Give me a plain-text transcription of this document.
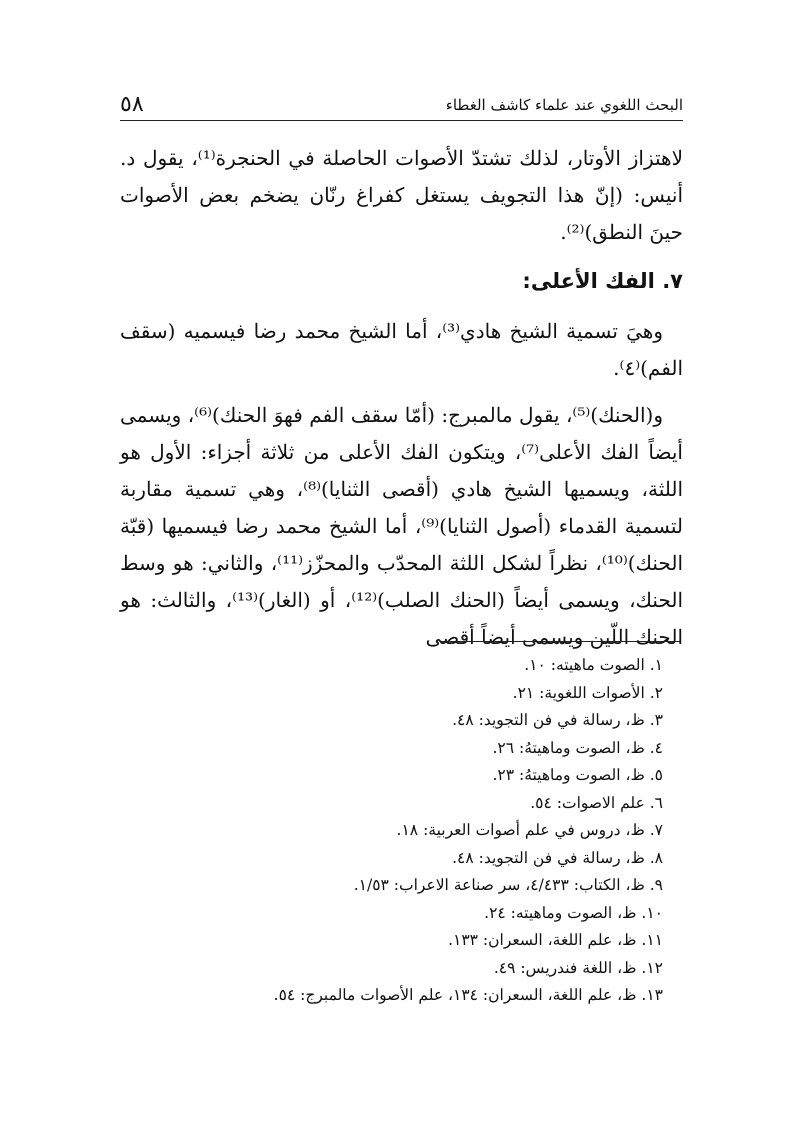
٥٨	البحث اللغوي عند علماء كاشف الغطاء

لاهتزاز الأوتار، لذلك تشتدّ الأصوات الحاصلة في الحنجرة⁽¹⁾، يقول د. أنيس: (إنّ هذا التجويف يستغل كفراغ رنّان يضخم بعض الأصوات حينَ النطق)⁽²⁾.

٧. الفك الأعلى:

وهيَ تسمية الشيخ هادي⁽³⁾، أما الشيخ محمد رضا فيسميه (سقف الفم)⁽٤⁾.

و(الحنك)⁽⁵⁾، يقول مالمبرج: (أمّا سقف الفم فهوَ الحنك)⁽⁶⁾، ويسمى أيضاً الفك الأعلى⁽⁷⁾، ويتكون الفك الأعلى من ثلاثة أجزاء: الأول هو اللثة، ويسميها الشيخ هادي (أقصى الثنايا)⁽⁸⁾، وهي تسمية مقاربة لتسمية القدماء (أصول الثنايا)⁽⁹⁾، أما الشيخ محمد رضا فيسميها (قبّة الحنك)⁽¹⁰⁾، نظراً لشكل اللثة المحدّب والمحزّز⁽¹¹⁾، والثاني: هو وسط الحنك، ويسمى أيضاً (الحنك الصلب)⁽¹²⁾، أو (الغار)⁽¹³⁾، والثالث: هو الحنك اللّين ويسمى أيضاً أقصى

١. الصوت ماهيته: ١٠.
٢. الأصوات اللغوية: ٢١.
٣. ظ، رسالة في فن التجويد: ٤٨.
٤. ظ، الصوت وماهيتهُ: ٢٦.
٥. ظ، الصوت وماهيتهُ: ٢٣.
٦. علم الاصوات: ٥٤.
٧. ظ، دروس في علم أصوات العربية: ١٨.
٨. ظ، رسالة في فن التجويد: ٤٨.
٩. ظ، الكتاب: ٤/٤٣٣، سر صناعة الاعراب: ١/٥٣.
١٠. ظ، الصوت وماهيته: ٢٤.
١١. ظ، علم اللغة، السعران: ١٣٣.
١٢. ظ، اللغة فندريس: ٤٩.
١٣. ظ، علم اللغة، السعران: ١٣٤، علم الأصوات مالمبرج: ٥٤.
